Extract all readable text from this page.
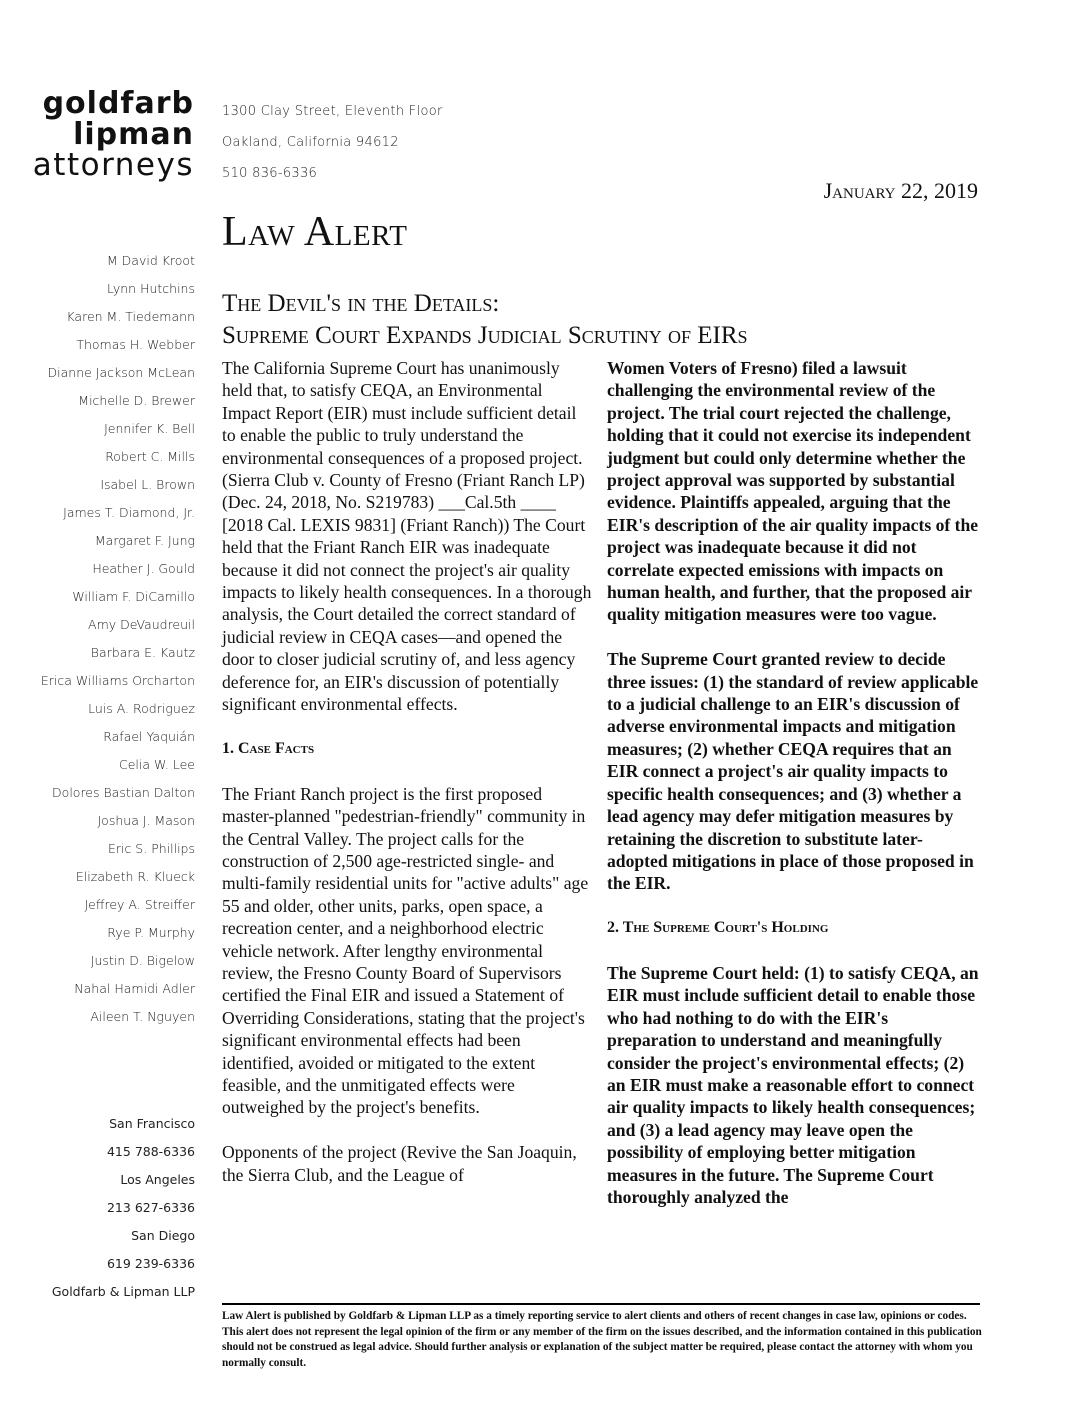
goldfarb
lipman
attorneys
1300 Clay Street, Eleventh Floor
Oakland, California 94612
510 836-6336
January 22, 2019
Law Alert
M David Kroot
Lynn Hutchins
Karen M. Tiedemann
Thomas H. Webber
Dianne Jackson McLean
Michelle D. Brewer
Jennifer K. Bell
Robert C. Mills
Isabel L. Brown
James T. Diamond, Jr.
Margaret F. Jung
Heather J. Gould
William F. DiCamillo
Amy DeVaudreuil
Barbara E. Kautz
Erica Williams Orcharton
Luis A. Rodriguez
Rafael Yaquián
Celia W. Lee
Dolores Bastian Dalton
Joshua J. Mason
Eric S. Phillips
Elizabeth R. Klueck
Jeffrey A. Streiffer
Rye P. Murphy
Justin D. Bigelow
Nahal Hamidi Adler
Aileen T. Nguyen
San Francisco
415 788-6336
Los Angeles
213 627-6336
San Diego
619 239-6336
Goldfarb & Lipman LLP
The Devil's in the Details:
Supreme Court Expands Judicial Scrutiny of EIRs

The California Supreme Court has unanimously held that, to satisfy CEQA, an Environmental Impact Report (EIR) must include sufficient detail to enable the public to truly understand the environmental consequences of a proposed project. (Sierra Club v. County of Fresno (Friant Ranch LP) (Dec. 24, 2018, No. S219783) ___Cal.5th ____ [2018 Cal. LEXIS 9831] (Friant Ranch)) The Court held that the Friant Ranch EIR was inadequate because it did not connect the project's air quality impacts to likely health consequences. In a thorough analysis, the Court detailed the correct standard of judicial review in CEQA cases—and opened the door to closer judicial scrutiny of, and less agency deference for, an EIR's discussion of potentially significant environmental effects.

1. Case Facts

The Friant Ranch project is the first proposed master-planned "pedestrian-friendly" community in the Central Valley. The project calls for the construction of 2,500 age-restricted single- and multi-family residential units for "active adults" age 55 and older, other units, parks, open space, a recreation center, and a neighborhood electric vehicle network. After lengthy environmental review, the Fresno County Board of Supervisors certified the Final EIR and issued a Statement of Overriding Considerations, stating that the project's significant environmental effects had been identified, avoided or mitigated to the extent feasible, and the unmitigated effects were outweighed by the project's benefits.

Opponents of the project (Revive the San Joaquin, the Sierra Club, and the League of

Women Voters of Fresno) filed a lawsuit challenging the environmental review of the project. The trial court rejected the challenge, holding that it could not exercise its independent judgment but could only determine whether the project approval was supported by substantial evidence. Plaintiffs appealed, arguing that the EIR's description of the air quality impacts of the project was inadequate because it did not correlate expected emissions with impacts on human health, and further, that the proposed air quality mitigation measures were too vague.

The Supreme Court granted review to decide three issues: (1) the standard of review applicable to a judicial challenge to an EIR's discussion of adverse environmental impacts and mitigation measures; (2) whether CEQA requires that an EIR connect a project's air quality impacts to specific health consequences; and (3) whether a lead agency may defer mitigation measures by retaining the discretion to substitute later-adopted mitigations in place of those proposed in the EIR.

2. The Supreme Court's Holding

The Supreme Court held: (1) to satisfy CEQA, an EIR must include sufficient detail to enable those who had nothing to do with the EIR's preparation to understand and meaningfully consider the project's environmental effects; (2) an EIR must make a reasonable effort to connect air quality impacts to likely health consequences; and (3) a lead agency may leave open the possibility of employing better mitigation measures in the future. The Supreme Court thoroughly analyzed the

Law Alert is published by Goldfarb & Lipman LLP as a timely reporting service to alert clients and others of recent changes in case law, opinions or codes. This alert does not represent the legal opinion of the firm or any member of the firm on the issues described, and the information contained in this publication should not be construed as legal advice. Should further analysis or explanation of the subject matter be required, please contact the attorney with whom you normally consult.
